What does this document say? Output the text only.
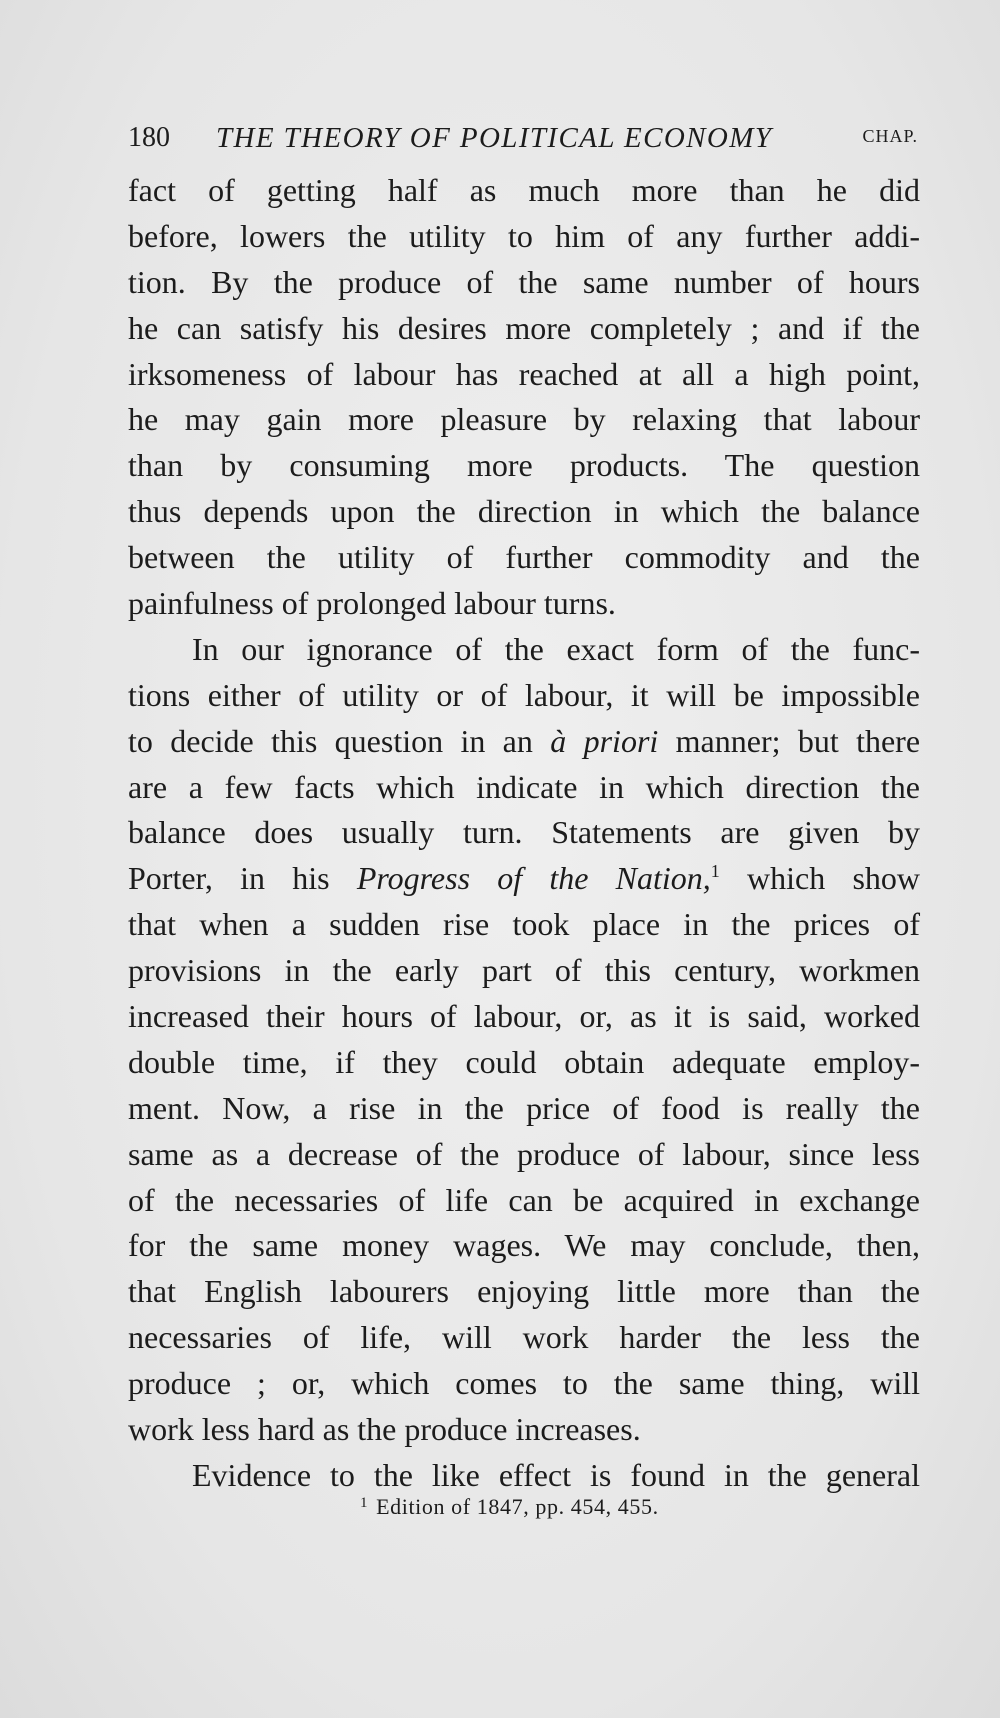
180 THE THEORY OF POLITICAL ECONOMY	CHAP.
fact of getting half as much more than he did
before, lowers the utility to him of any further addi-
tion. By the produce of the same number of hours
he can satisfy his desires more completely ; and if the
irksomeness of labour has reached at all a high point,
he may gain more pleasure by relaxing that labour
than by consuming more products. The question
thus depends upon the direction in which the balance
between the utility of further commodity and the
painfulness of prolonged labour turns.
In our ignorance of the exact form of the func-
tions either of utility or of labour, it will be impossible
to decide this question in an à priori manner; but there
are a few facts which indicate in which direction the
balance does usually turn. Statements are given by
Porter, in his Progress of the Nation,$^1$ which show
that when a sudden rise took place in the prices of
provisions in the early part of this century, workmen
increased their hours of labour, or, as it is said, worked
double time, if they could obtain adequate employ-
ment. Now, a rise in the price of food is really the
same as a decrease of the produce of labour, since less
of the necessaries of life can be acquired in exchange
for the same money wages. We may conclude, then,
that English labourers enjoying little more than the
necessaries of life, will work harder the less the
produce ; or, which comes to the same thing, will
work less hard as the produce increases.
Evidence to the like effect is found in the general
$^1$ Edition of 1847, pp. 454, 455.
